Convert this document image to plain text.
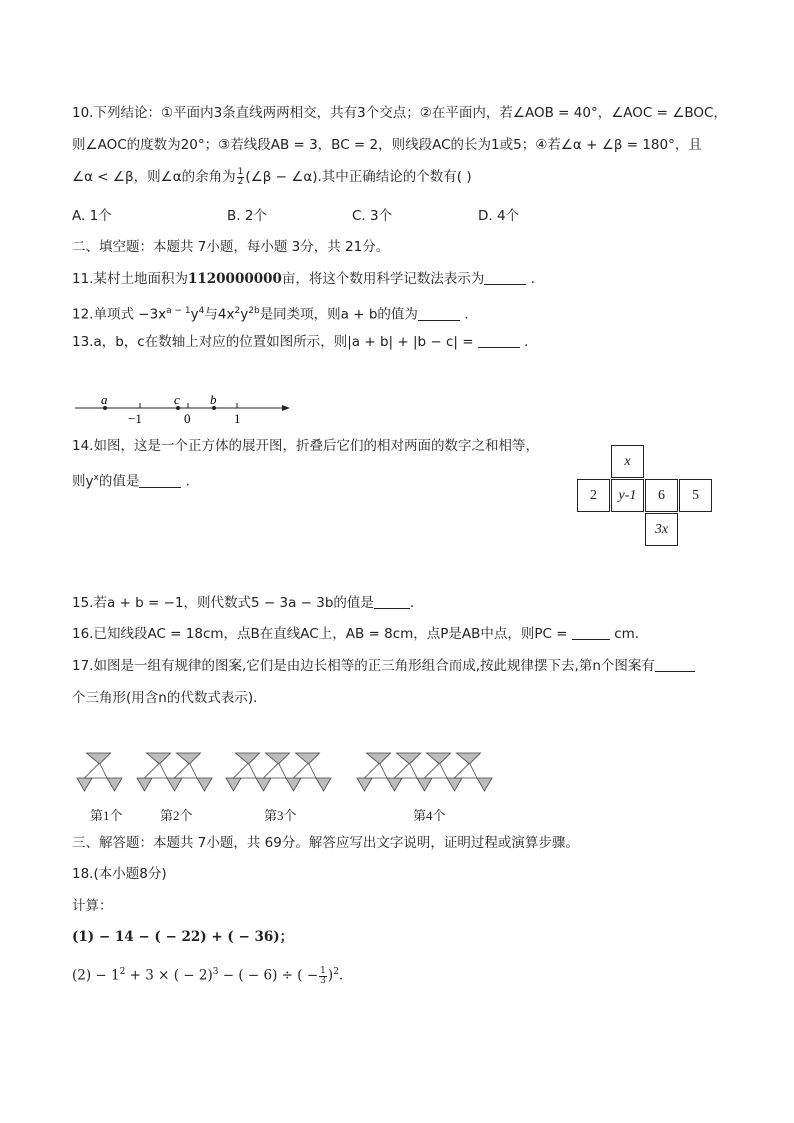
10.下列结论：①平面内3条直线两两相交，共有3个交点；②在平面内，若∠AOB = 40°，∠AOC = ∠BOC，
则∠AOC的度数为20°；③若线段AB = 3，BC = 2，则线段AC的长为1或5；④若∠α + ∠β = 180°，且
∠α < ∠β，则∠α的余角为 $\frac{1}{2}$ (∠β − ∠α).其中正确结论的个数有( )
A. 1个	B. 2个	C. 3个	D. 4个
二、填空题：本题共 7小题，每小题 3分，共 21分。
11.某村土地面积为1120000000亩，将这个数用科学记数法表示为	.
12.单项式 $-3x^{a - 1}y^4$与$4x^2y^{2b}$是同类项，则a + b的值为	.
13.a，b，c在数轴上对应的位置如图所示，则|a + b| + |b − c| =	.
a	c b
−1	0	1
14.如图，这是一个正方体的展开图，折叠后它们的相对两面的数字之和相等，
则$y^x$的值是	.
x
2	y-1	6	5
3x
15.若a + b = −1，则代数式5 − 3a − 3b的值是	.
16.已知线段AC = 18cm，点B在直线AC上，AB = 8cm，点P是AB中点，则PC =	cm.
17.如图是一组有规律的图案,它们是由边长相等的正三角形组合而成,按此规律摆下去,第n个图案有
个三角形(用含n的代数式表示).
第1个	第2个	第3个	第4个
三、解答题：本题共 7小题，共 69分。解答应写出文字说明，证明过程或演算步骤。
18.(本小题8分)
计算：
(1) − 14 − ( − 22) + ( − 36)；
$(2) - 1^2 + 3$ × ( − 2)$^3$ − ( − 6) ÷ ( − $\frac{1}{3} )^2$.
